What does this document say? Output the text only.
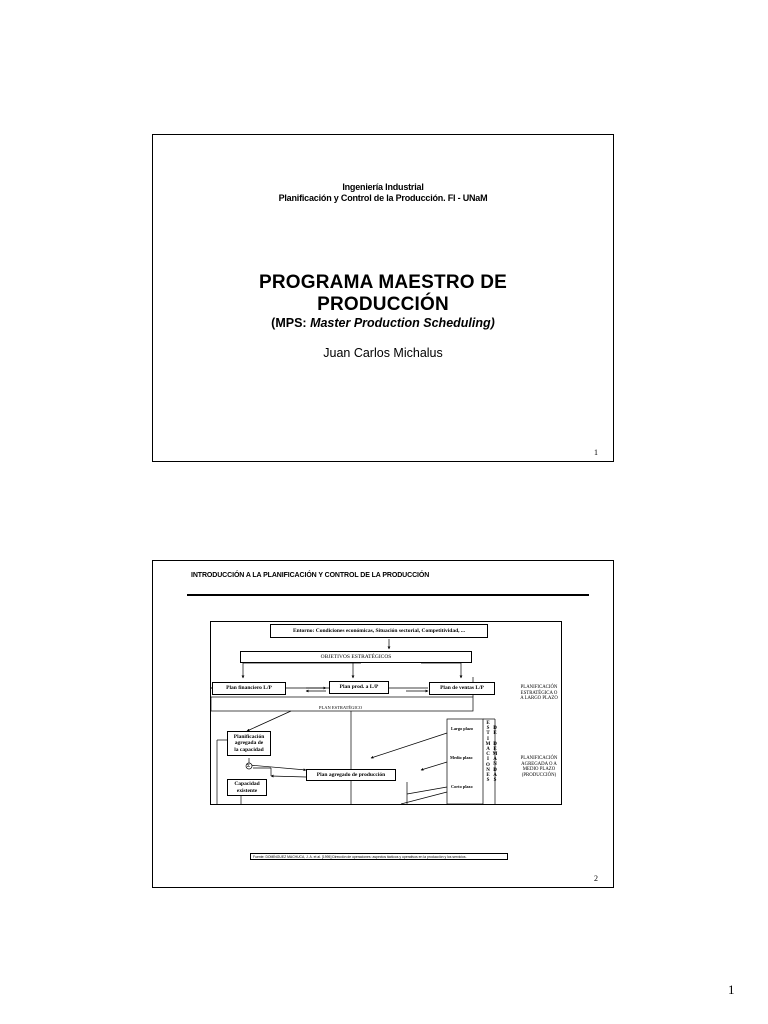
Ingeniería Industrial
Planificación y Control de la Producción. FI - UNaM
PROGRAMA MAESTRO DE
PRODUCCIÓN
(MPS: Master Production Scheduling)
Juan Carlos Michalus
1
INTRODUCCIÓN A LA PLANIFICACIÓN Y CONTROL DE LA PRODUCCIÓN
Entorno: Condiciones económicas, Situación sectorial, Competitividad, ...
OBJETIVOS ESTRATÉGICOS
Plan financiero L/P	Plan prod. a L/P	Plan de ventas L/P
PLAN ESTRATÉGICO
Planificación
agregada de
la capacidad
Σ
Plan agregado de producción
Capacidad
existente
Largo plazo
Medio plazo
Corto plazo
E
S
T
I
M
A
C
I
O
N
E
S
D
E

D
E
M
A
N
D
A
S
PLANIFICACIÓN
ESTRATÉGICA O
A LARGO PLAZO
PLANIFICACIÓN
AGREGADA O A
MEDIO PLAZO
(PRODUCCIÓN)
Fuente: DOMÍNGUEZ MACHUCA, J. A. et al. [1995] Dirección de operaciones: aspectos tácticos y operativos en la producción y los servicios.
2
1
